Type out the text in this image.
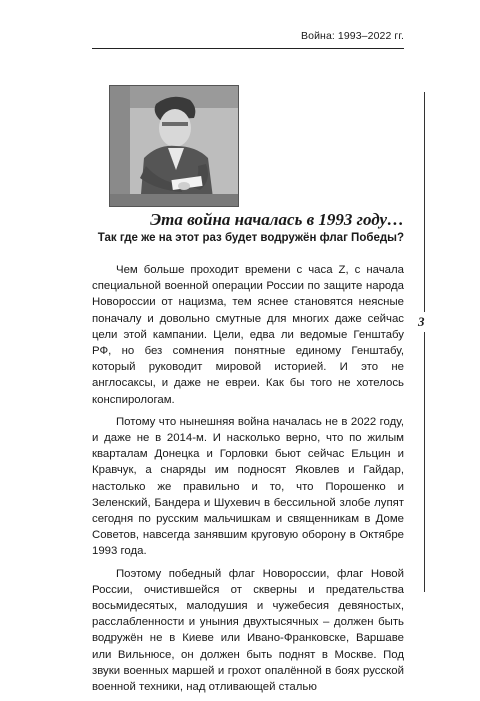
Война: 1993–2022 гг.
3
Эта война началась в 1993 году…
Так где же на этот раз будет водружён флаг Победы?

Чем больше проходит времени с часа Z, с начала специальной военной операции России по защите народа Новороссии от нацизма, тем яснее становятся неясные поначалу и довольно смутные для многих даже сейчас цели этой кампании. Цели, едва ли ведомые Генштабу РФ, но без сомнения понятные единому Генштабу, который руководит мировой историей. И это не англосаксы, и даже не евреи. Как бы того не хотелось конспирологам.

Потому что нынешняя война началась не в 2022 году, и даже не в 2014-м. И насколько верно, что по жилым кварталам Донецка и Горловки бьют сейчас Ельцин и Кравчук, а снаряды им подносят Яковлев и Гайдар, настолько же правильно и то, что Порошенко и Зеленский, Бандера и Шухевич в бессильной злобе лупят сегодня по русским мальчишкам и священникам в Доме Советов, навсегда занявшим круговую оборону в Октябре 1993 года.

Поэтому победный флаг Новороссии, флаг Новой России, очистившейся от скверны и предательства восьмидесятых, малодушия и чужебесия девяностых, расслабленности и уныния двухтысячных – должен быть водружён не в Киеве или Ивано-Франковске, Варшаве или Вильнюсе, он должен быть поднят в Москве. Под звуки военных маршей и грохот опалённой в боях русской военной техники, над отливающей сталью
